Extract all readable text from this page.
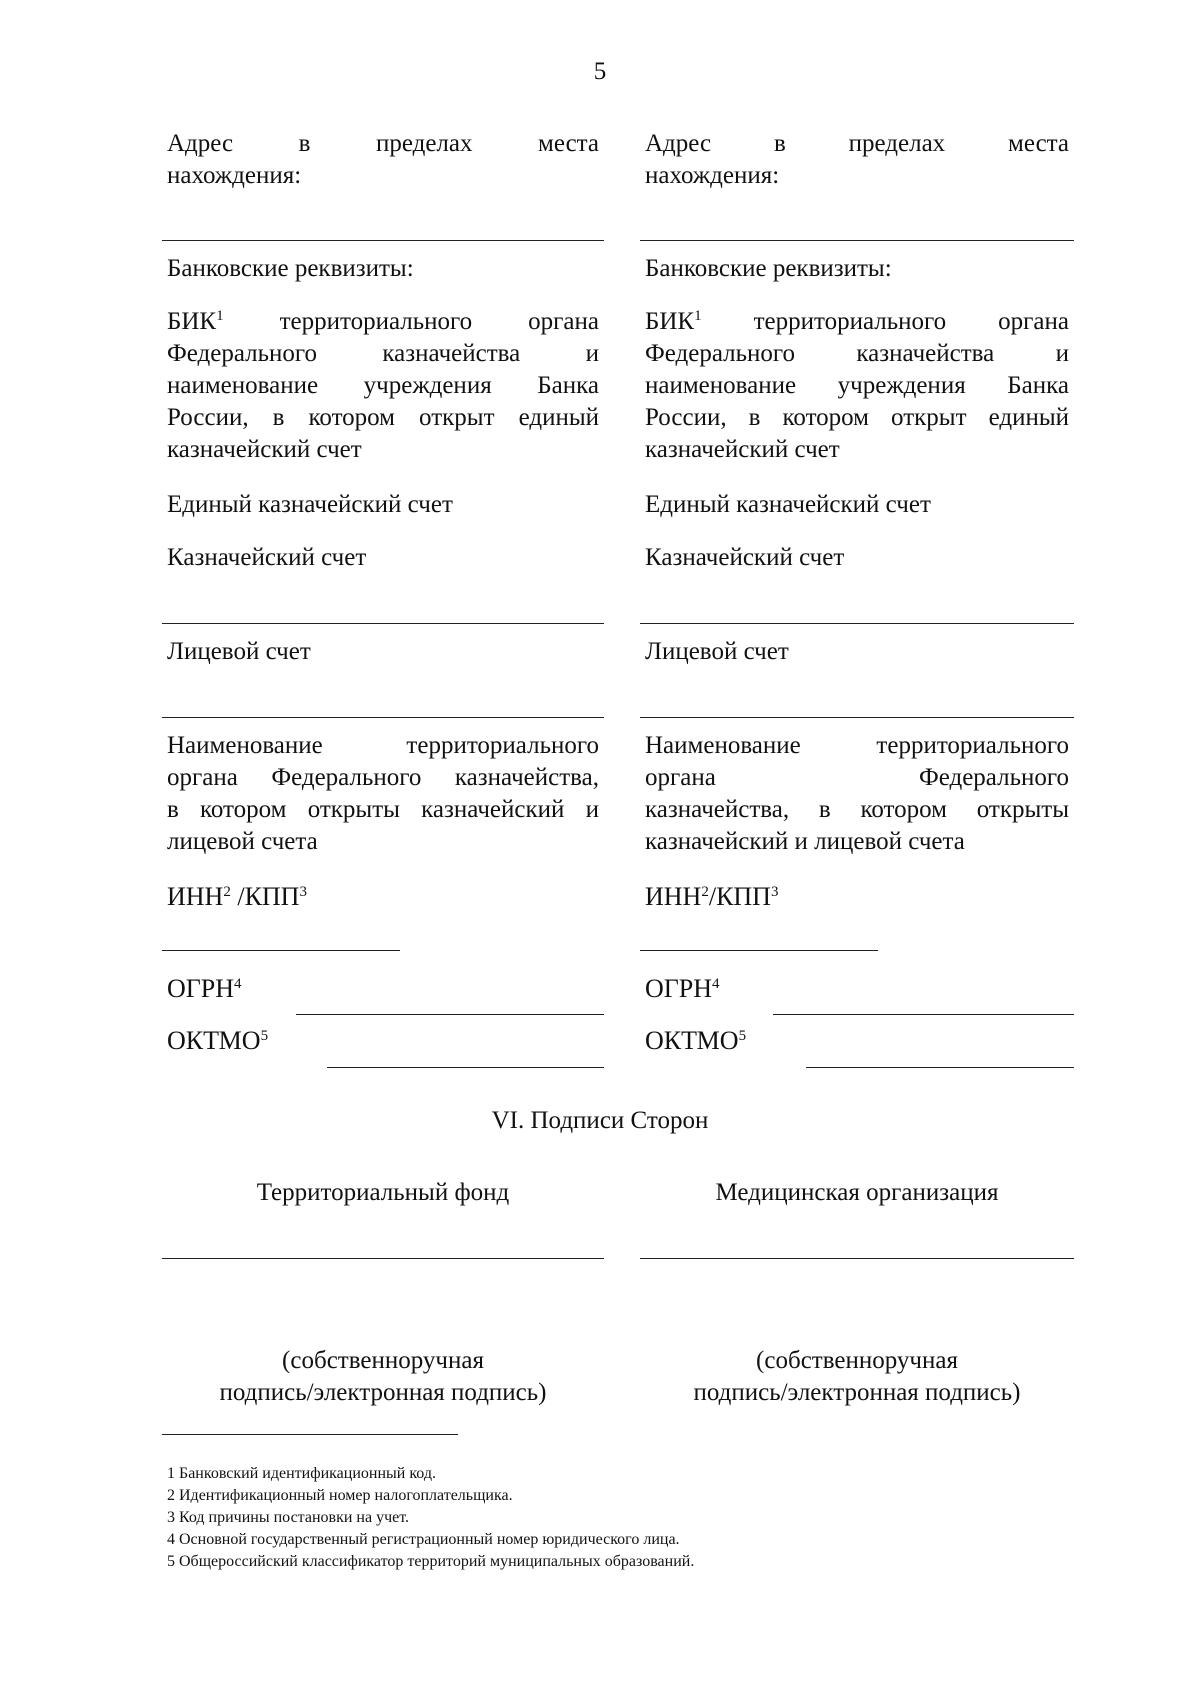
5
Адрес в пределах места
нахождения:
Банковские реквизиты:
БИК$^1$ территориального органа
Федерального казначейства и
наименование учреждения Банка
России, в котором открыт единый
казначейский счет
Единый казначейский счет
Казначейский счет
Лицевой счет
Наименование территориального
органа Федерального казначейства,
в котором открыты казначейский и
лицевой счета
ИНН$^2$ /КПП$^3$
ОГРН$^4$
ОКТМО$^5$
Адрес в пределах места
нахождения:
Банковские реквизиты:
БИК$^1$ территориального органа
Федерального казначейства и
наименование учреждения Банка
России, в котором открыт единый
казначейский счет
Единый казначейский счет
Казначейский счет
Лицевой счет
Наименование территориального
органа Федерального
казначейства, в котором открыты
казначейский и лицевой счета
ИНН$^2$/КПП$^3$
ОГРН$^4$
ОКТМО$^5$
VI. Подписи Сторон
Территориальный фонд	Медицинская организация
(собственноручная
подпись/электронная подпись)
(собственноручная
подпись/электронная подпись)
1 Банковский идентификационный код.
2 Идентификационный номер налогоплательщика.
3 Код причины постановки на учет.
4 Основной государственный регистрационный номер юридического лица.
5 Общероссийский классификатор территорий муниципальных образований.
